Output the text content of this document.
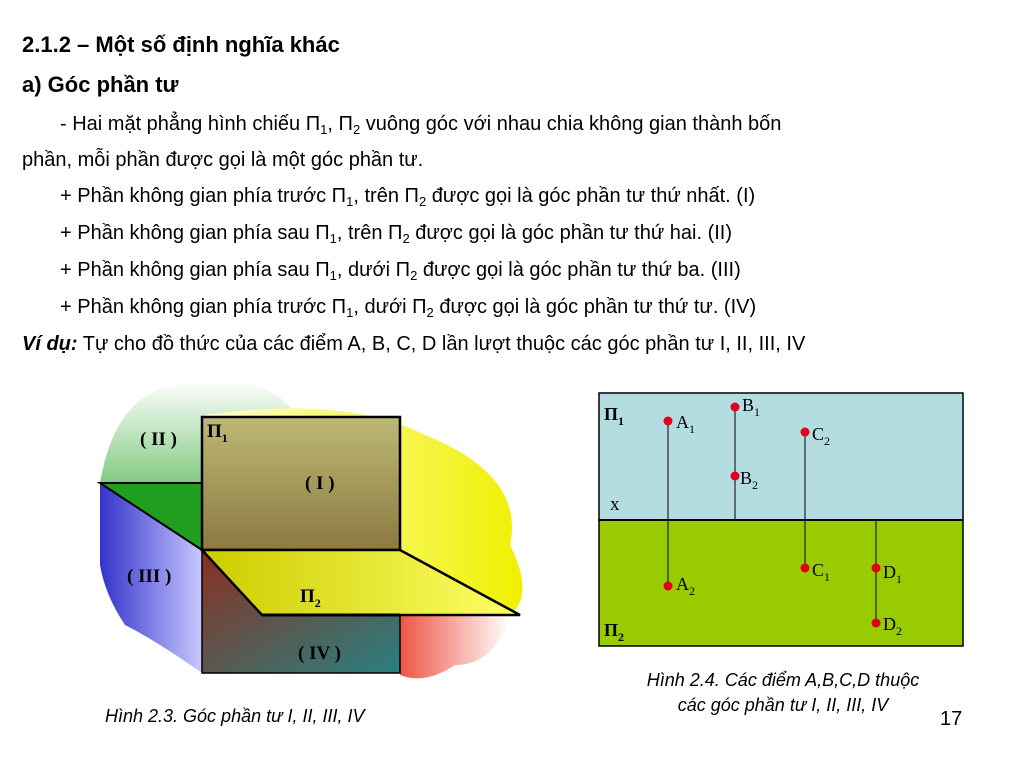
2.1.2 – Một số định nghĩa khác
a) Góc phần tư
- Hai mặt phẳng hình chiếu $\Pi_1$, $\Pi_2$ vuông góc với nhau chia không gian thành bốn
phần, mỗi phần được gọi là một góc phần tư.
+ Phần không gian phía trước $\Pi_1$, trên $\Pi_2$ được gọi là góc phần tư thứ nhất. (I)
+ Phần không gian phía sau $\Pi_1$, trên $\Pi_2$ được gọi là góc phần tư thứ hai. (II)
+ Phần không gian phía sau $\Pi_1$, dưới $\Pi_2$ được gọi là góc phần tư thứ ba. (III)
+ Phần không gian phía trước $\Pi_1$, dưới $\Pi_2$ được gọi là góc phần tư thứ tư. (IV)
Ví dụ: Tự cho đồ thức của các điểm A, B, C, D lần lượt thuộc các góc phần tư I, II, III, IV
( II ) $\Pi_1$
( I )
( III )
$\Pi_2$
( IV )
Hình 2.3. Góc phần tư I, II, III, IV
$\Pi_1$
x
$\Pi_2$
$A_1$
$B_1$
$C_2$
$B_2$
$C_1$	$D_1$
$A_2$
$D_2$
Hình 2.4. Các điểm A,B,C,D thuộc
các góc phần tư I, II, III, IV
17
